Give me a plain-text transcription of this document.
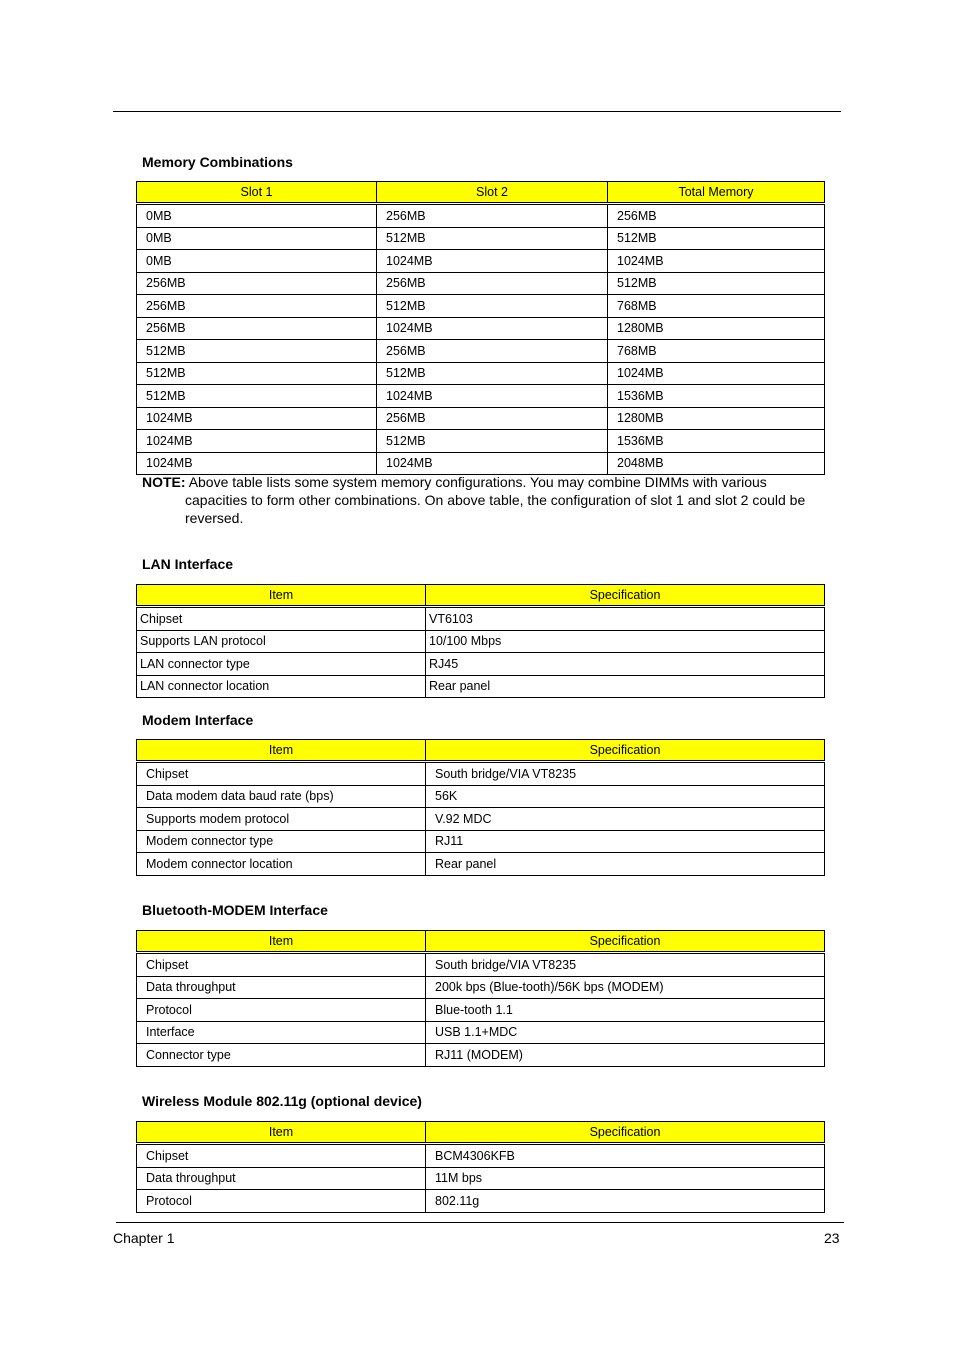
Memory Combinations
Slot 1	Slot 2	Total Memory
0MB	256MB	256MB
0MB	512MB	512MB
0MB	1024MB	1024MB
256MB	256MB	512MB
256MB	512MB	768MB
256MB	1024MB	1280MB
512MB	256MB	768MB
512MB	512MB	1024MB
512MB	1024MB	1536MB
1024MB	256MB	1280MB
1024MB	512MB	1536MB
1024MB	1024MB	2048MB
NOTE: Above table lists some system memory configurations. You may combine DIMMs with various
capacities to form other combinations. On above table, the configuration of slot 1 and slot 2 could be
reversed.
LAN Interface
Item	Specification
Chipset	VT6103
Supports LAN protocol	10/100 Mbps
LAN connector type	RJ45
LAN connector location	Rear panel
Modem Interface
Item	Specification
Chipset	South bridge/VIA VT8235
Data modem data baud rate (bps)	56K
Supports modem protocol	V.92 MDC
Modem connector type	RJ11
Modem connector location	Rear panel
Bluetooth-MODEM Interface
Item	Specification
Chipset	South bridge/VIA VT8235
Data throughput	200k bps (Blue-tooth)/56K bps (MODEM)
Protocol	Blue-tooth 1.1
Interface	USB 1.1+MDC
Connector type	RJ11 (MODEM)
Wireless Module 802.11g (optional device)
Item	Specification
Chipset	BCM4306KFB
Data throughput	11M bps
Protocol	802.11g
Chapter 1	23
